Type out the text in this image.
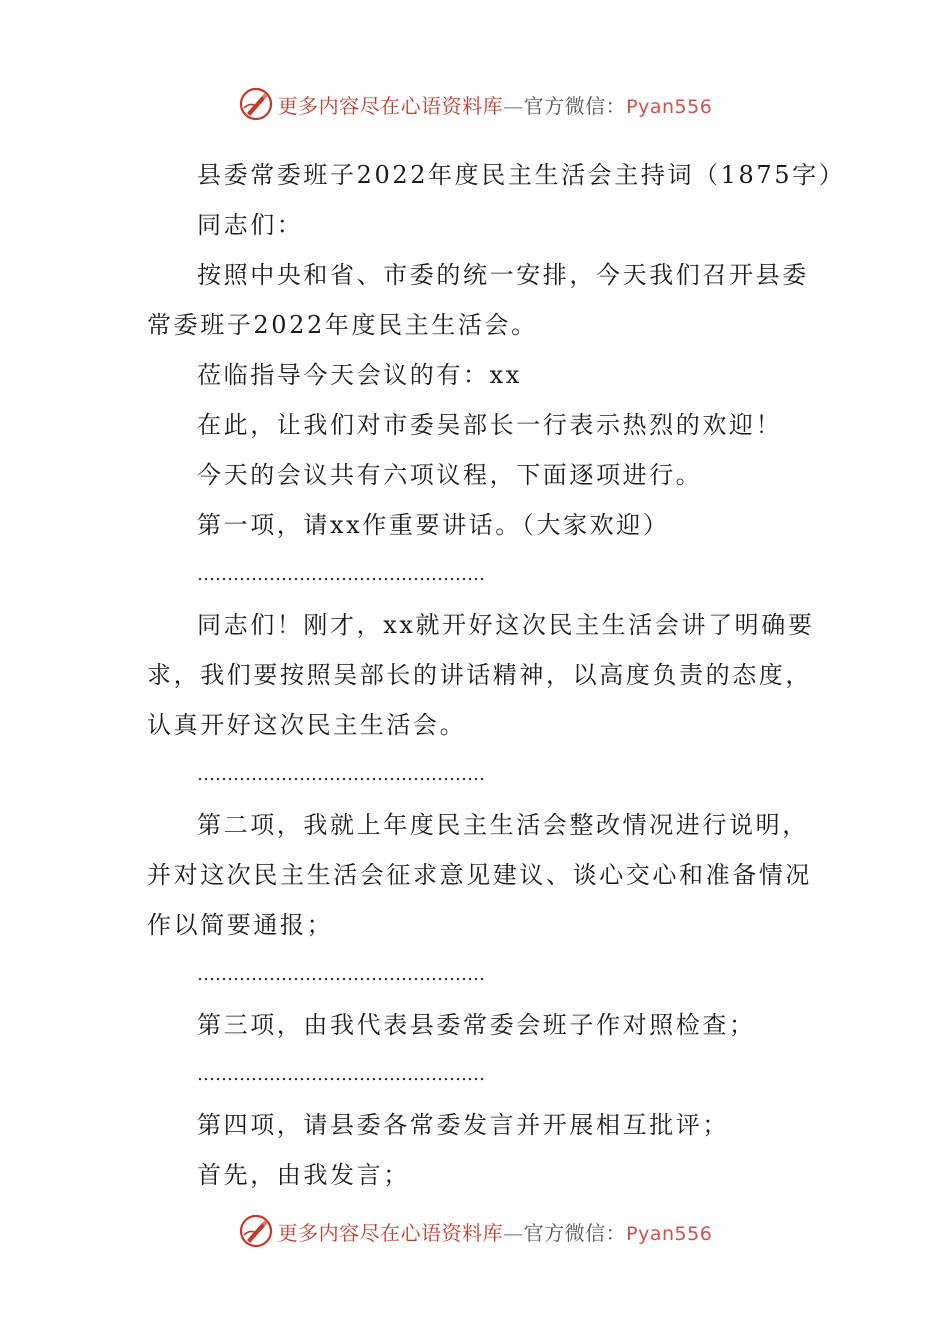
更多内容尽在心语资料库—官方微信：Pyan556
县委常委班子2022年度民主生活会主持词（1875字）
同志们：
按照中央和省、市委的统一安排，今天我们召开县委
常委班子2022年度民主生活会。
莅临指导今天会议的有：xx
在此，让我们对市委吴部长一行表示热烈的欢迎！
今天的会议共有六项议程，下面逐项进行。
第一项，请xx作重要讲话。（大家欢迎）
…………………………………………
同志们！刚才，xx就开好这次民主生活会讲了明确要
求，我们要按照吴部长的讲话精神，以高度负责的态度，
认真开好这次民主生活会。
…………………………………………
第二项，我就上年度民主生活会整改情况进行说明，
并对这次民主生活会征求意见建议、谈心交心和准备情况
作以简要通报；
…………………………………………
第三项，由我代表县委常委会班子作对照检查；
…………………………………………
第四项，请县委各常委发言并开展相互批评；
首先，由我发言；
更多内容尽在心语资料库—官方微信：Pyan556
